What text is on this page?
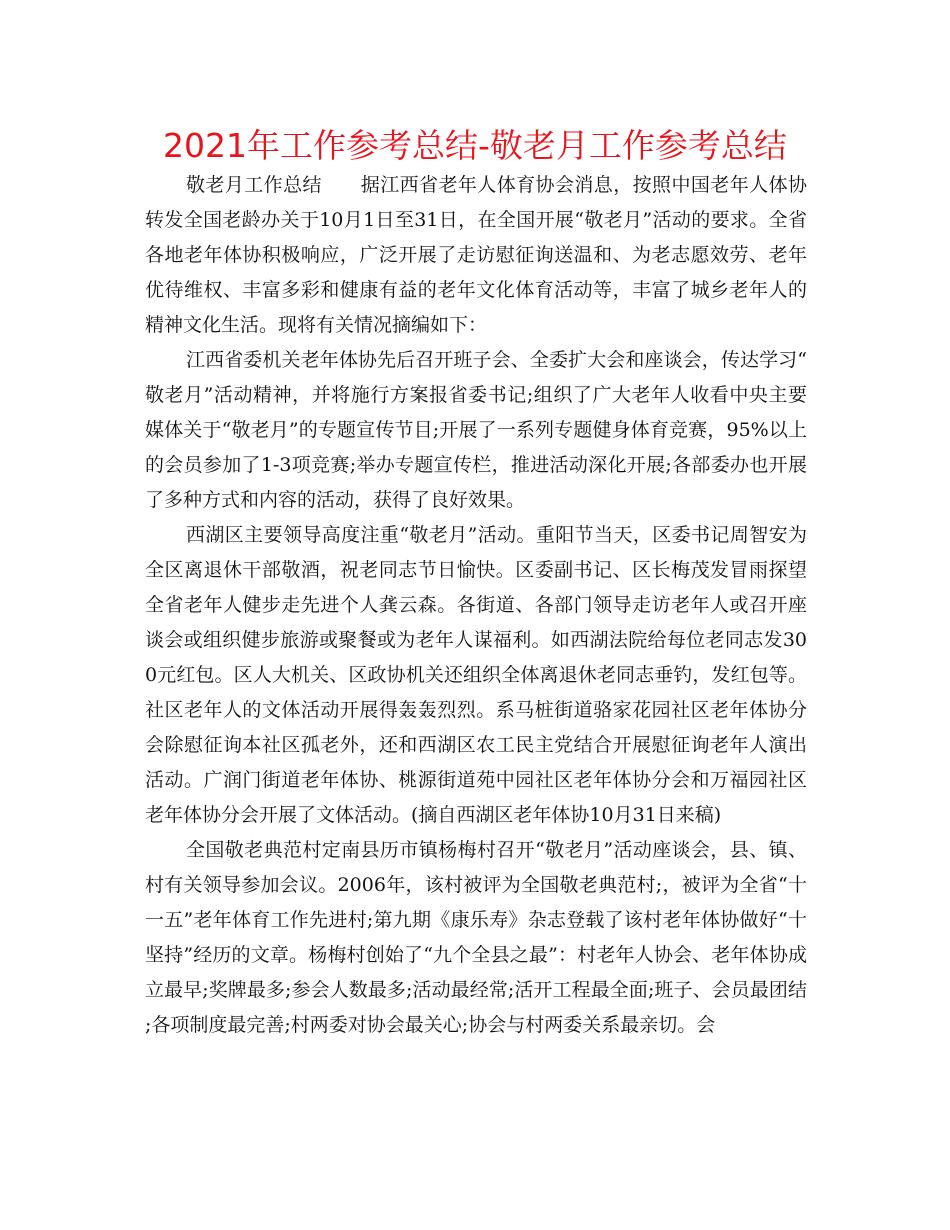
2021年工作参考总结-敬老月工作参考总结

敬老月工作总结　　据江西省老年人体育协会消息，按照中国老年人体协转发全国老龄办关于10月1日至31日，在全国开展“敬老月”活动的要求。全省各地老年体协积极响应，广泛开展了走访慰征询送温和、为老志愿效劳、老年优待维权、丰富多彩和健康有益的老年文化体育活动等，丰富了城乡老年人的精神文化生活。现将有关情况摘编如下：

江西省委机关老年体协先后召开班子会、全委扩大会和座谈会，传达学习“敬老月”活动精神，并将施行方案报省委书记;组织了广大老年人收看中央主要媒体关于“敬老月”的专题宣传节目;开展了一系列专题健身体育竞赛，95%以上的会员参加了1-3项竞赛;举办专题宣传栏，推进活动深化开展;各部委办也开展了多种方式和内容的活动，获得了良好效果。

西湖区主要领导高度注重“敬老月”活动。重阳节当天，区委书记周智安为全区离退休干部敬酒，祝老同志节日愉快。区委副书记、区长梅茂发冒雨探望全省老年人健步走先进个人龚云森。各街道、各部门领导走访老年人或召开座谈会或组织健步旅游或聚餐或为老年人谋福利。如西湖法院给每位老同志发300元红包。区人大机关、区政协机关还组织全体离退休老同志垂钓，发红包等。社区老年人的文体活动开展得轰轰烈烈。系马桩街道骆家花园社区老年体协分会除慰征询本社区孤老外，还和西湖区农工民主党结合开展慰征询老年人演出活动。广润门街道老年体协、桃源街道苑中园社区老年体协分会和万福园社区老年体协分会开展了文体活动。(摘自西湖区老年体协10月31日来稿)

全国敬老典范村定南县历市镇杨梅村召开“敬老月”活动座谈会，县、镇、村有关领导参加会议。2006年，该村被评为全国敬老典范村;，被评为全省“十一五”老年体育工作先进村;第九期《康乐寿》杂志登载了该村老年体协做好“十坚持”经历的文章。杨梅村创始了“九个全县之最”：村老年人协会、老年体协成立最早;奖牌最多;参会人数最多;活动最经常;活开工程最全面;班子、会员最团结;各项制度最完善;村两委对协会最关心;协会与村两委关系最亲切。会
